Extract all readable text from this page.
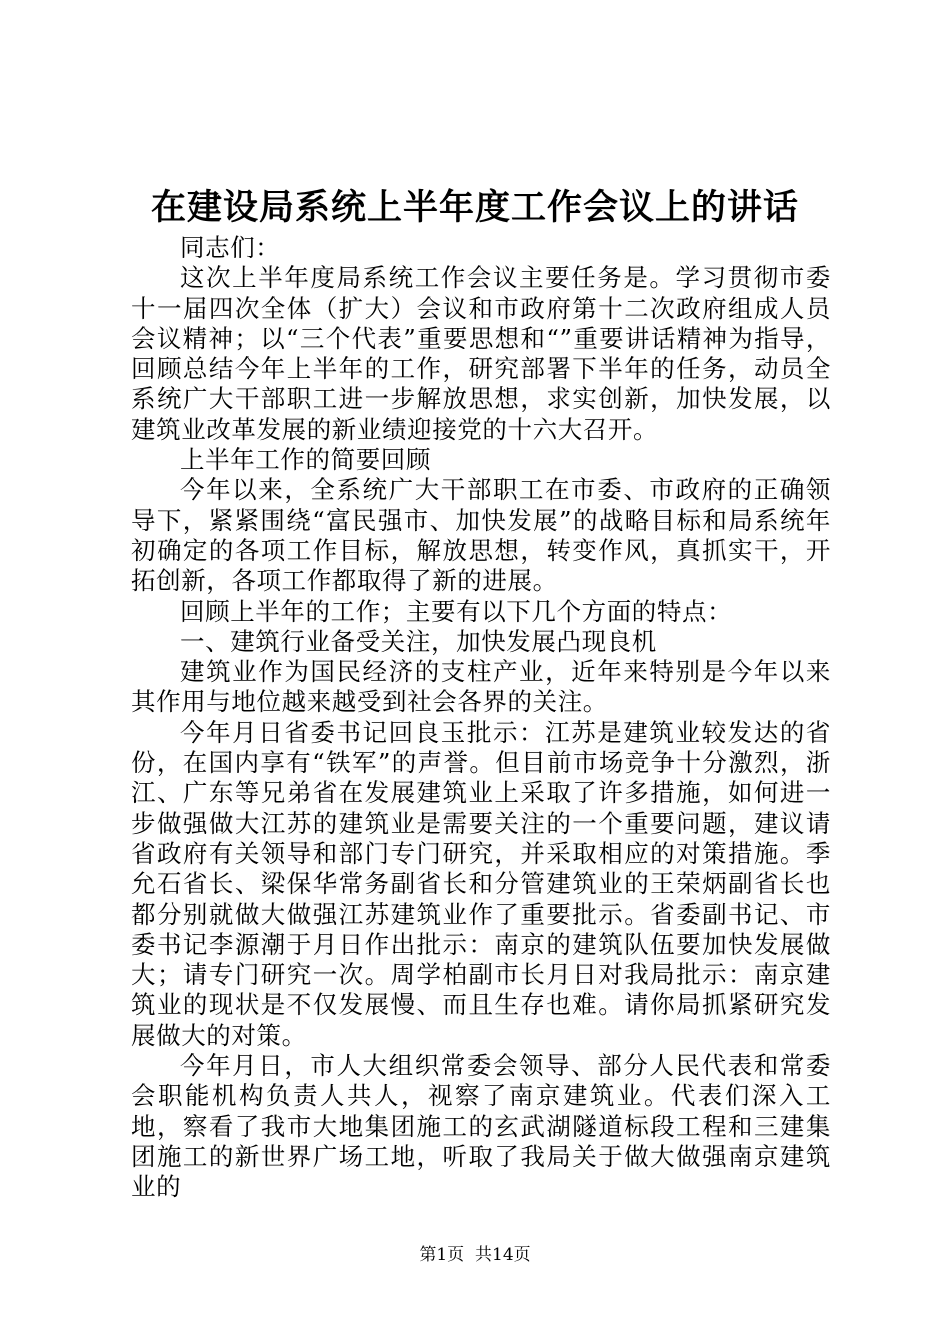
在建设局系统上半年度工作会议上的讲话

同志们：

这次上半年度局系统工作会议主要任务是。学习贯彻市委十一届四次全体（扩大）会议和市政府第十二次政府组成人员会议精神；以“三个代表”重要思想和“”重要讲话精神为指导，回顾总结今年上半年的工作，研究部署下半年的任务，动员全系统广大干部职工进一步解放思想，求实创新，加快发展，以建筑业改革发展的新业绩迎接党的十六大召开。

上半年工作的简要回顾

今年以来，全系统广大干部职工在市委、市政府的正确领导下，紧紧围绕“富民强市、加快发展”的战略目标和局系统年初确定的各项工作目标，解放思想，转变作风，真抓实干，开拓创新，各项工作都取得了新的进展。

回顾上半年的工作；主要有以下几个方面的特点：

一、建筑行业备受关注，加快发展凸现良机

建筑业作为国民经济的支柱产业，近年来特别是今年以来其作用与地位越来越受到社会各界的关注。

今年月日省委书记回良玉批示：江苏是建筑业较发达的省份，在国内享有“铁军”的声誉。但目前市场竞争十分激烈，浙江、广东等兄弟省在发展建筑业上采取了许多措施，如何进一步做强做大江苏的建筑业是需要关注的一个重要问题，建议请省政府有关领导和部门专门研究，并采取相应的对策措施。季允石省长、梁保华常务副省长和分管建筑业的王荣炳副省长也都分别就做大做强江苏建筑业作了重要批示。省委副书记、市委书记李源潮于月日作出批示：南京的建筑队伍要加快发展做大；请专门研究一次。周学柏副市长月日对我局批示：南京建筑业的现状是不仅发展慢、而且生存也难。请你局抓紧研究发展做大的对策。

今年月日，市人大组织常委会领导、部分人民代表和常委会职能机构负责人共人，视察了南京建筑业。代表们深入工地，察看了我市大地集团施工的玄武湖隧道标段工程和三建集团施工的新世界广场工地，听取了我局关于做大做强南京建筑业的

第1页 共14页
